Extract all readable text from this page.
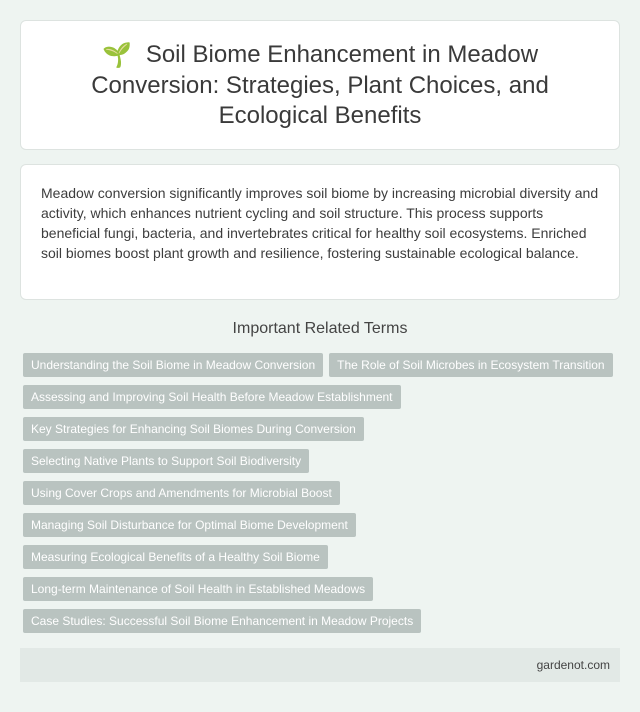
🌱 Soil Biome Enhancement in Meadow Conversion: Strategies, Plant Choices, and Ecological Benefits

Meadow conversion significantly improves soil biome by increasing microbial diversity and activity, which enhances nutrient cycling and soil structure. This process supports beneficial fungi, bacteria, and invertebrates critical for healthy soil ecosystems. Enriched soil biomes boost plant growth and resilience, fostering sustainable ecological balance.

Important Related Terms
Understanding the Soil Biome in Meadow Conversion	The Role of Soil Microbes in Ecosystem Transition
Assessing and Improving Soil Health Before Meadow Establishment
Key Strategies for Enhancing Soil Biomes During Conversion
Selecting Native Plants to Support Soil Biodiversity
Using Cover Crops and Amendments for Microbial Boost
Managing Soil Disturbance for Optimal Biome Development
Measuring Ecological Benefits of a Healthy Soil Biome
Long-term Maintenance of Soil Health in Established Meadows
Case Studies: Successful Soil Biome Enhancement in Meadow Projects
gardenot.com
